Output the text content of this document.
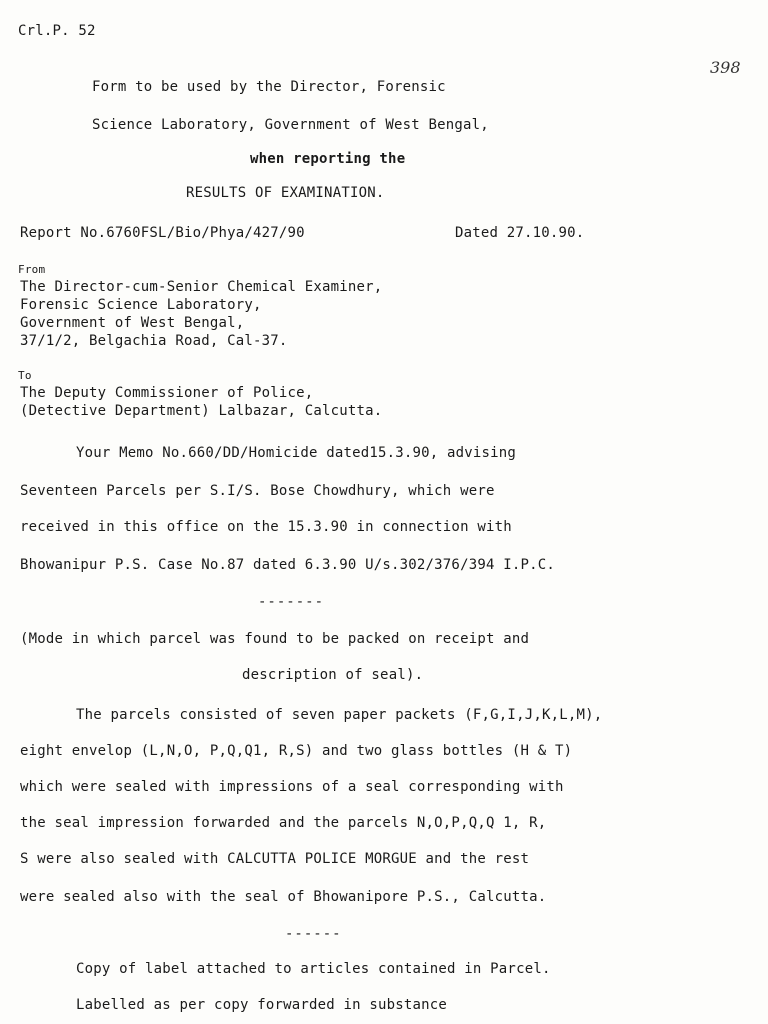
Crl.P. 52
398
Form to be used by the Director, Forensic
Science Laboratory, Government of West Bengal,
when reporting the
RESULTS OF EXAMINATION.
Report No.6760FSL/Bio/Phya/427/90	Dated 27.10.90.
From
The Director-cum-Senior Chemical Examiner,
Forensic Science Laboratory,
Government of West Bengal,
37/1/2, Belgachia Road, Cal-37.
To
The Deputy Commissioner of Police,
(Detective Department) Lalbazar, Calcutta.
Your Memo No.660/DD/Homicide dated15.3.90, advising
Seventeen Parcels per S.I/S. Bose Chowdhury, which were
received in this office on the 15.3.90 in connection with
Bhowanipur P.S. Case No.87 dated 6.3.90 U/s.302/376/394 I.P.C.
-------
(Mode in which parcel was found to be packed on receipt and
description of seal).
The parcels consisted of seven paper packets (F,G,I,J,K,L,M),
eight envelop (L,N,O, P,Q,Q1, R,S) and two glass bottles (H & T)
which were sealed with impressions of a seal corresponding with
the seal impression forwarded and the parcels N,O,P,Q,Q 1, R,
S were also sealed with CALCUTTA POLICE MORGUE and the rest
were sealed also with the seal of Bhowanipore P.S., Calcutta.
------
Copy of label attached to articles contained in Parcel.
Labelled as per copy forwarded in substance
